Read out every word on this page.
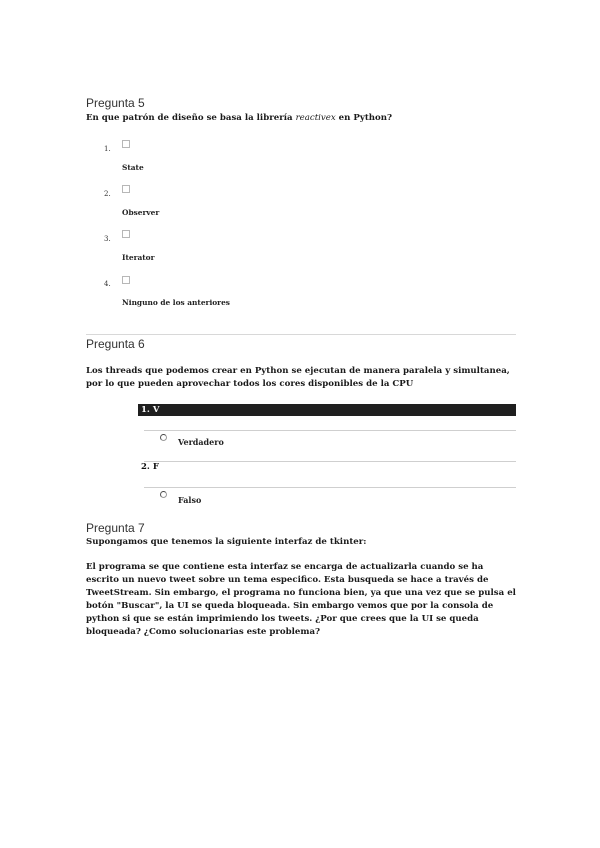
Pregunta 5
En que patrón de diseño se basa la librería reactivex en Python?
1.
State
2.
Observer
3.
Iterator
4.
Ninguno de los anteriores
Pregunta 6
Los threads que podemos crear en Python se ejecutan de manera paralela y simultanea, por lo que pueden aprovechar todos los cores disponibles de la CPU
1. V
Verdadero
2. F
Falso
Pregunta 7
Supongamos que tenemos la siguiente interfaz de tkinter:
El programa se que contiene esta interfaz se encarga de actualizarla cuando se ha escrito un nuevo tweet sobre un tema especifico. Esta busqueda se hace a través de TweetStream. Sin embargo, el programa no funciona bien, ya que una vez que se pulsa el botón "Buscar", la UI se queda bloqueada. Sin embargo vemos que por la consola de python si que se están imprimiendo los tweets. ¿Por que crees que la UI se queda bloqueada? ¿Como solucionarias este problema?
